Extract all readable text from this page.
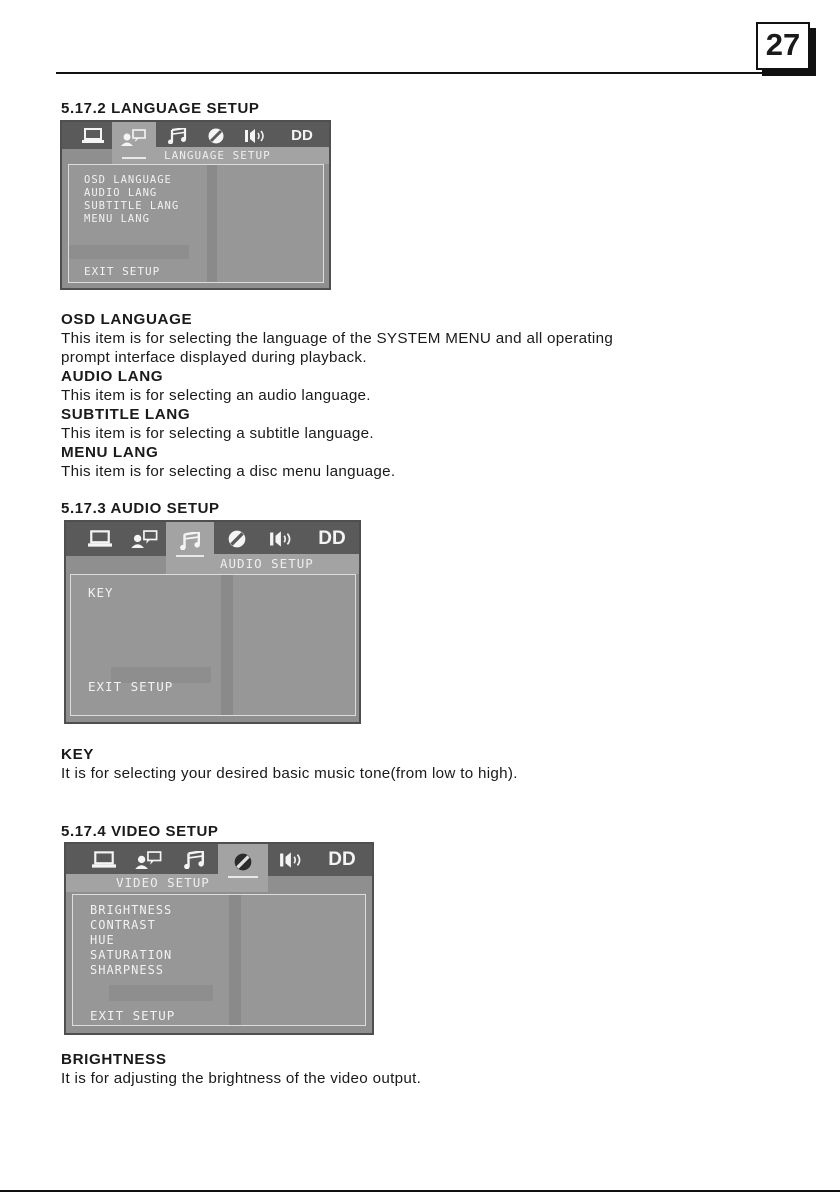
27
5.17.2 LANGUAGE SETUP
DD
LANGUAGE SETUP
OSD LANGUAGE
AUDIO LANG
SUBTITLE LANG
MENU LANG
EXIT SETUP

OSD LANGUAGE

This item is for selecting the language of the SYSTEM MENU and all operating

prompt interface displayed during playback.

AUDIO LANG

This item is for selecting an audio language.

SUBTITLE LANG

This item is for selecting a subtitle language.

MENU LANG

This item is for selecting a disc menu language.

5.17.3 AUDIO SETUP
DD
AUDIO SETUP
KEY
EXIT SETUP

KEY

It is for selecting your desired basic music tone(from low to high).

5.17.4 VIDEO SETUP
DD
VIDEO SETUP
BRIGHTNESS
CONTRAST
HUE
SATURATION
SHARPNESS
EXIT SETUP

BRIGHTNESS

It is for adjusting the brightness of the video output.
